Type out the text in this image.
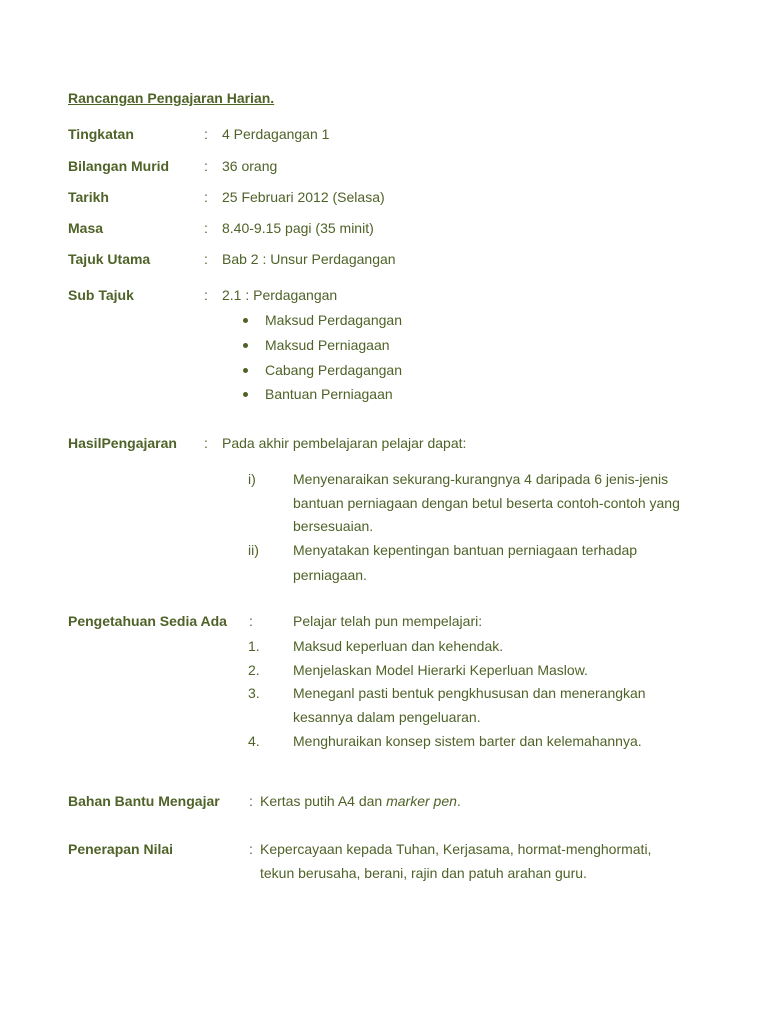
Rancangan Pengajaran Harian.
Tingkatan	: 4 Perdagangan 1
Bilangan Murid : 36 orang
Tarikh	: 25 Februari 2012 (Selasa)
Masa	: 8.40-9.15 pagi (35 minit)
Tajuk Utama	: Bab 2 : Unsur Perdagangan
Sub Tajuk	: 2.1 : Perdagangan
Maksud Perdagangan
Maksud Perniagaan
Cabang Perdagangan
Bantuan Perniagaan
HasilPengajaran : Pada akhir pembelajaran pelajar dapat:
i)	Menyenaraikan sekurang-kurangnya 4 daripada 6 jenis-jenis
bantuan perniagaan dengan betul beserta contoh-contoh yang
bersesuaian.
ii) Menyatakan kepentingan bantuan perniagaan terhadap
perniagaan.
Pengetahuan Sedia Ada :	Pelajar telah pun mempelajari:
1. Maksud keperluan dan kehendak.
2. Menjelaskan Model Hierarki Keperluan Maslow.
3. Meneganl pasti bentuk pengkhususan dan menerangkan
kesannya dalam pengeluaran.
4. Menghuraikan konsep sistem barter dan kelemahannya.
Bahan Bantu Mengajar : Kertas putih A4 dan marker pen.
Penerapan Nilai	: Kepercayaan kepada Tuhan, Kerjasama, hormat-menghormati,
tekun berusaha, berani, rajin dan patuh arahan guru.
